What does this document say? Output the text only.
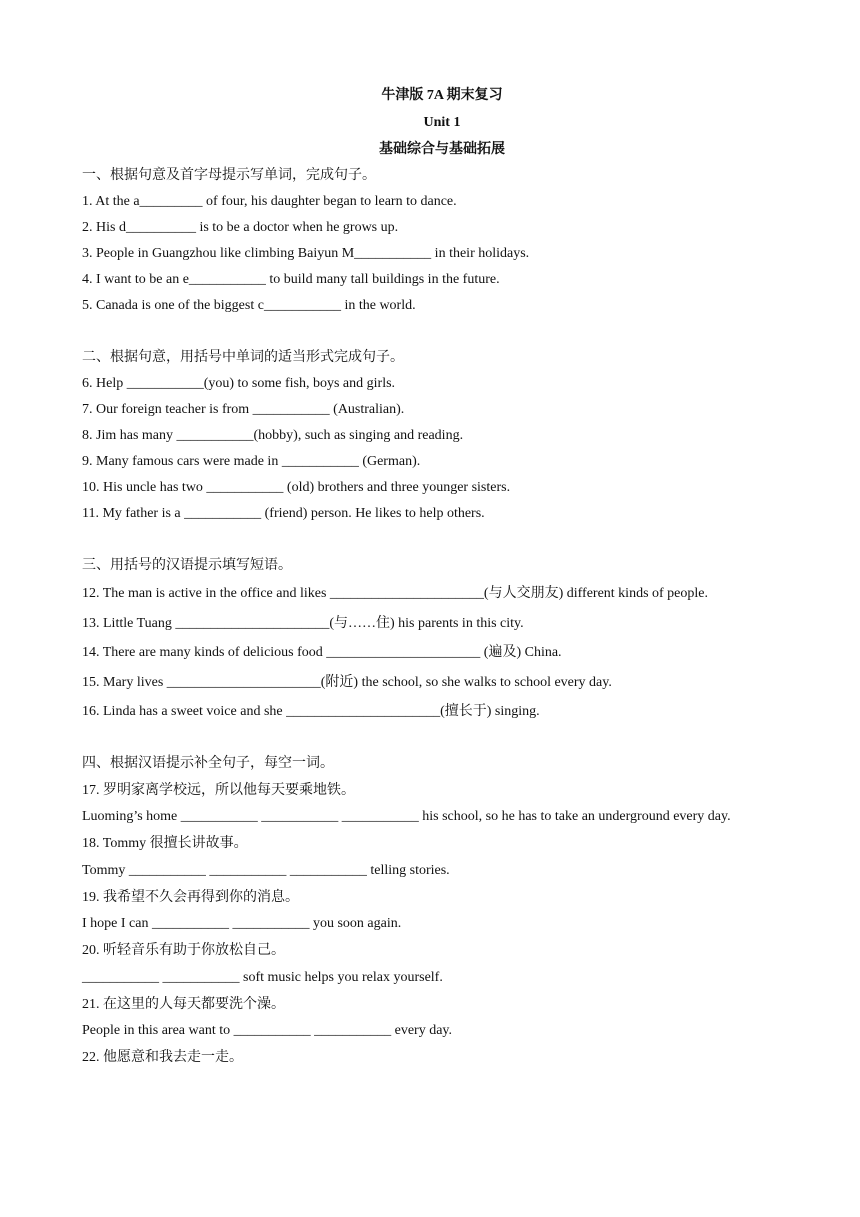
牛津版 7A 期末复习
Unit 1
基础综合与基础拓展
一、根据句意及首字母提示写单词，完成句子。
1. At the a_________ of four, his daughter began to learn to dance.
2. His d__________ is to be a doctor when he grows up.
3. People in Guangzhou like climbing Baiyun M___________ in their holidays.
4. I want to be an e___________ to build many tall buildings in the future.
5. Canada is one of the biggest c___________ in the world.
二、根据句意，用括号中单词的适当形式完成句子。
6. Help ___________(you) to some fish, boys and girls.
7. Our foreign teacher is from ___________ (Australian).
8. Jim has many ___________(hobby), such as singing and reading.
9. Many famous cars were made in ___________ (German).
10. His uncle has two ___________ (old) brothers and three younger sisters.
11. My father is a ___________ (friend) person. He likes to help others.
三、用括号的汉语提示填写短语。
12. The man is active in the office and likes ______________________(与人交朋友) different kinds of people.
13. Little Tuang ______________________(与……住) his parents in this city.
14. There are many kinds of delicious food ______________________ (遍及) China.
15. Mary lives ______________________(附近) the school, so she walks to school every day.
16. Linda has a sweet voice and she ______________________(擅长于) singing.
四、根据汉语提示补全句子，每空一词。
17. 罗明家离学校远，所以他每天要乘地铁。
Luoming’s home ___________ ___________ ___________ his school, so he has to take an underground every day.
18. Tommy 很擅长讲故事。
Tommy ___________ ___________ ___________ telling stories.
19. 我希望不久会再得到你的消息。
I hope I can ___________ ___________ you soon again.
20. 听轻音乐有助于你放松自己。
___________ ___________ soft music helps you relax yourself.
21. 在这里的人每天都要洗个澡。
People in this area want to ___________ ___________ every day.
22. 他愿意和我去走一走。
